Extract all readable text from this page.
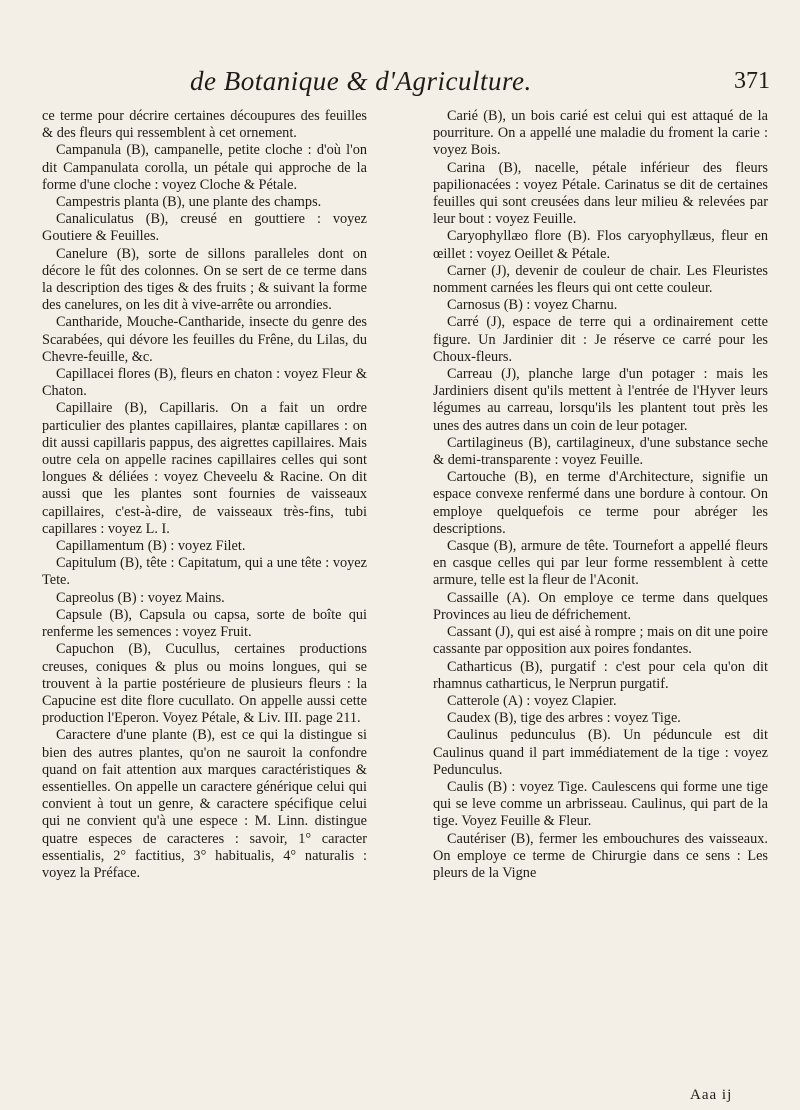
de Botanique & d'Agriculture.	371

ce terme pour décrire certaines découpures des feuilles & des fleurs qui ressemblent à cet ornement.

Campanula (B), campanelle, petite cloche : d'où l'on dit Campanulata corolla, un pétale qui approche de la forme d'une cloche : voyez Cloche & Pétale.

Campestris planta (B), une plante des champs.

Canaliculatus (B), creusé en gouttiere : voyez Goutiere & Feuilles.

Canelure (B), sorte de sillons paralleles dont on décore le fût des colonnes. On se sert de ce terme dans la description des tiges & des fruits ; & suivant la forme des canelures, on les dit à vive-arrête ou arrondies.

Cantharide, Mouche-Cantharide, insecte du genre des Scarabées, qui dévore les feuilles du Frêne, du Lilas, du Chevre-feuille, &c.

Capillacei flores (B), fleurs en chaton : voyez Fleur & Chaton.

Capillaire (B), Capillaris. On a fait un ordre particulier des plantes capillaires, plantæ capillares : on dit aussi capillaris pappus, des aigrettes capillaires. Mais outre cela on appelle racines capillaires celles qui sont longues & déliées : voyez Cheveelu & Racine. On dit aussi que les plantes sont fournies de vaisseaux capillaires, c'est-à-dire, de vaisseaux très-fins, tubi capillares : voyez L. I.

Capillamentum (B) : voyez Filet.

Capitulum (B), tête : Capitatum, qui a une tête : voyez Tete.

Capreolus (B) : voyez Mains.

Capsule (B), Capsula ou capsa, sorte de boîte qui renferme les semences : voyez Fruit.

Capuchon (B), Cucullus, certaines productions creuses, coniques & plus ou moins longues, qui se trouvent à la partie postérieure de plusieurs fleurs : la Capucine est dite flore cucullato. On appelle aussi cette production l'Eperon. Voyez Pétale, & Liv. III. page 211.

Caractere d'une plante (B), est ce qui la distingue si bien des autres plantes, qu'on ne sauroit la confondre quand on fait attention aux marques caractéristiques & essentielles. On appelle un caractere générique celui qui convient à tout un genre, & caractere spécifique celui qui ne convient qu'à une espece : M. Linn. distingue quatre especes de caracteres : savoir, 1° caracter essentialis, 2° factitius, 3° habitualis, 4° naturalis : voyez la Préface.

Carié (B), un bois carié est celui qui est attaqué de la pourriture. On a appellé une maladie du froment la carie : voyez Bois.

Carina (B), nacelle, pétale inférieur des fleurs papilionacées : voyez Pétale. Carinatus se dit de certaines feuilles qui sont creusées dans leur milieu & relevées par leur bout : voyez Feuille.

Caryophyllæo flore (B). Flos caryophyllæus, fleur en œillet : voyez Oeillet & Pétale.

Carner (J), devenir de couleur de chair. Les Fleuristes nomment carnées les fleurs qui ont cette couleur.

Carnosus (B) : voyez Charnu.

Carré (J), espace de terre qui a ordinairement cette figure. Un Jardinier dit : Je réserve ce carré pour les Choux-fleurs.

Carreau (J), planche large d'un potager : mais les Jardiniers disent qu'ils mettent à l'entrée de l'Hyver leurs légumes au carreau, lorsqu'ils les plantent tout près les unes des autres dans un coin de leur potager.

Cartilagineus (B), cartilagineux, d'une substance seche & demi-transparente : voyez Feuille.

Cartouche (B), en terme d'Architecture, signifie un espace convexe renfermé dans une bordure à contour. On employe quelquefois ce terme pour abréger les descriptions.

Casque (B), armure de tête. Tournefort a appellé fleurs en casque celles qui par leur forme ressemblent à cette armure, telle est la fleur de l'Aconit.

Cassaille (A). On employe ce terme dans quelques Provinces au lieu de défrichement.

Cassant (J), qui est aisé à rompre ; mais on dit une poire cassante par opposition aux poires fondantes.

Catharticus (B), purgatif : c'est pour cela qu'on dit rhamnus catharticus, le Nerprun purgatif.

Catterole (A) : voyez Clapier.

Caudex (B), tige des arbres : voyez Tige.

Caulinus pedunculus (B). Un péduncule est dit Caulinus quand il part immédiatement de la tige : voyez Pedunculus.

Caulis (B) : voyez Tige. Caulescens qui forme une tige qui se leve comme un arbrisseau. Caulinus, qui part de la tige. Voyez Feuille & Fleur.

Cautériser (B), fermer les embouchures des vaisseaux. On employe ce terme de Chirurgie dans ce sens : Les pleurs de la Vigne

Aaa ij
